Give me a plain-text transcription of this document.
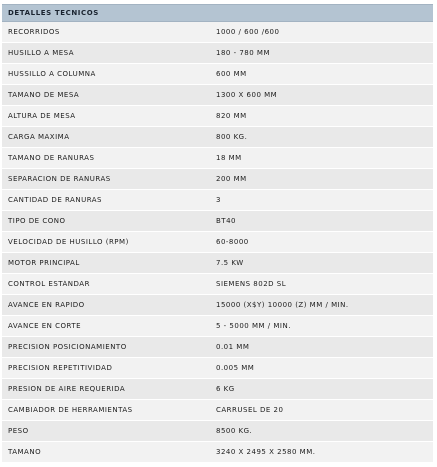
DETALLES TECNICOS
RECORRIDOS	1000 / 600 /600
HUSILLO A MESA	180 - 780 MM
HUSSILLO A COLUMNA	600 MM
TAMAÑO DE MESA	1300 X 600 MM
ALTURA DE MESA	820 MM
CARGA MAXIMA	800 KG.
TAMAÑO DE RANURAS	18 MM
SEPARACION DE RANURAS	200 MM
CANTIDAD DE RANURAS	3
TIPO DE CONO	BT40
VELOCIDAD DE HUSILLO (RPM)	60-8000
MOTOR PRINCIPAL	7.5 KW
CONTROL ESTÁNDAR	SIEMENS 802D SL
AVANCE EN RAPIDO	15000 (X$Y) 10000 (Z) MM / MIN.
AVANCE EN CORTE	5 - 5000 MM / MIN.
PRECISION POSICIONAMIENTO	0.01 MM
PRECISION REPETITIVIDAD	0.005 MM
PRESION DE AIRE REQUERIDA	6 KG
CAMBIADOR DE HERRAMIENTAS	CARRUSEL DE 20
PESO	8500 KG.
TAMAÑO	3240 X 2495 X 2580 MM.
